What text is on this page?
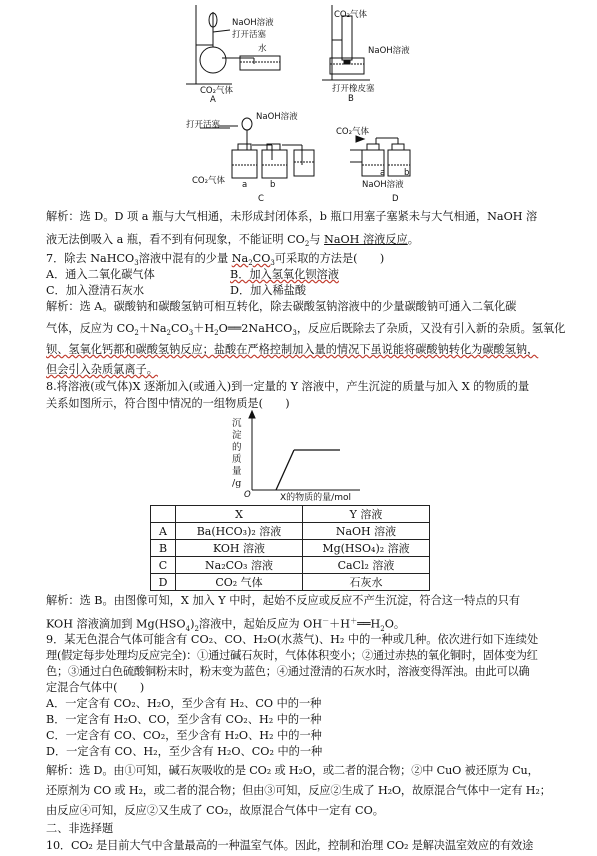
NaOH溶液
打开活塞
水
CO₂气体
A
CO₂气体
NaOH溶液
打开橡皮塞
B
打开活塞
NaOH溶液
CO₂气体 a	b
C
CO₂气体
NaOH溶液
a b
D
解析：选 D。D 项 a 瓶与大气相通，未形成封闭体系，b 瓶口用塞子塞紧未与大气相通，NaOH 溶
液无法倒吸入 a 瓶，看不到有何现象，不能证明 $CO_2$与 NaOH 溶液反应。
7．除去 NaHCO$_3$溶液中混有的少量 $Na_2CO_3$可采取的方法是(　　)
A．通入二氧化碳气体	B．加入氢氧化钡溶液
C．加入澄清石灰水	D．加入稀盐酸
解析：选 A。碳酸钠和碳酸氢钠可相互转化，除去碳酸氢钠溶液中的少量碳酸钠可通入二氧化碳
气体，反应为 $CO_2+Na_2CO_3+H_2O══2NaHCO_3$，反应后既除去了杂质，又没有引入新的杂质。氢氧化
钡、氢氧化钙都和碳酸氢钠反应；盐酸在严格控制加入量的情况下虽说能将碳酸钠转化为碳酸氢钠，
但会引入杂质氯离子。
8.将溶液(或气体)X 逐渐加入(或通入)到一定量的 Y 溶液中，产生沉淀的质量与加入 X 的物质的量
关系如图所示，符合图中情况的一组物质是(　　)
沉
淀
的
质
量
/g
O	X的物质的量/mol
	X	Y 溶液
A	Ba(HCO₃)₂ 溶液	NaOH 溶液
B	KOH 溶液	Mg(HSO₄)₂ 溶液
C	Na₂CO₃ 溶液	CaCl₂ 溶液
D	CO₂ 气体	石灰水
解析：选 B。由图像可知，X 加入 Y 中时，起始不反应或反应不产生沉淀，符合这一特点的只有
KOH 溶液滴加到 $Mg(HSO_4)_2$溶液中，起始反应为 $OH^-+H^+══H_2O$。
9．某无色混合气体可能含有 CO₂、CO、H₂O(水蒸气)、H₂ 中的一种或几种。依次进行如下连续处
理(假定每步处理均反应完全)：①通过碱石灰时，气体体积变小；②通过赤热的氧化铜时，固体变为红
色；③通过白色硫酸铜粉末时，粉末变为蓝色；④通过澄清的石灰水时，溶液变得浑浊。由此可以确
定混合气体中(　　)
A．一定含有 CO₂、H₂O，至少含有 H₂、CO 中的一种
B．一定含有 H₂O、CO，至少含有 CO₂、H₂ 中的一种
C．一定含有 CO、CO₂，至少含有 H₂O、H₂ 中的一种
D．一定含有 CO、H₂，至少含有 H₂O、CO₂ 中的一种
解析：选 D。由①可知，碱石灰吸收的是 CO₂ 或 H₂O，或二者的混合物；②中 CuO 被还原为 Cu，
还原剂为 CO 或 H₂，或二者的混合物；但由③可知，反应②生成了 H₂O，故原混合气体中一定有 H₂；
由反应④可知，反应②又生成了 CO₂，故原混合气体中一定有 CO。
二、非选择题
10．CO₂ 是目前大气中含量最高的一种温室气体。因此，控制和治理 CO₂ 是解决温室效应的有效途
